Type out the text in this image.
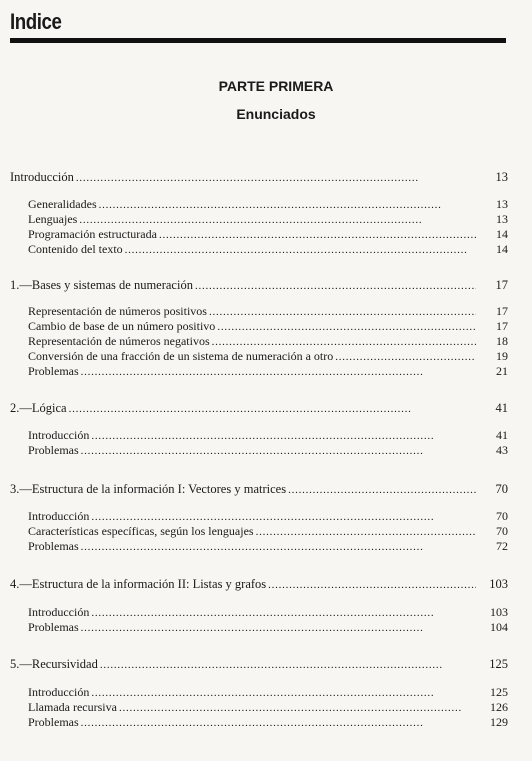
Indice
PARTE PRIMERA
Enunciados
Introducción . . .	13
Generalidades . . .	13
Lenguajes . . .	13
Programación estructurada . . .	14
Contenido del texto . . .	14
1.—Bases y sistemas de numeración . . .	17
Representación de números positivos . . .	17
Cambio de base de un número positivo . . .	17
Representación de números negativos . . .	18
Conversión de una fracción de un sistema de numeración a otro . . .	19
Problemas . . .	21
2.—Lógica . . .	41
Introducción . . .	41
Problemas . . .	43
3.—Estructura de la información I: Vectores y matrices . . .	70
Introducción . . .	70
Características específicas, según los lenguajes . . .	70
Problemas . . .	72
4.—Estructura de la información II: Listas y grafos . . .	103
Introducción . . .	103
Problemas . . .	104
5.—Recursividad . . .	125
Introducción . . .	125
Llamada recursiva . . .	126
Problemas . . .	129
